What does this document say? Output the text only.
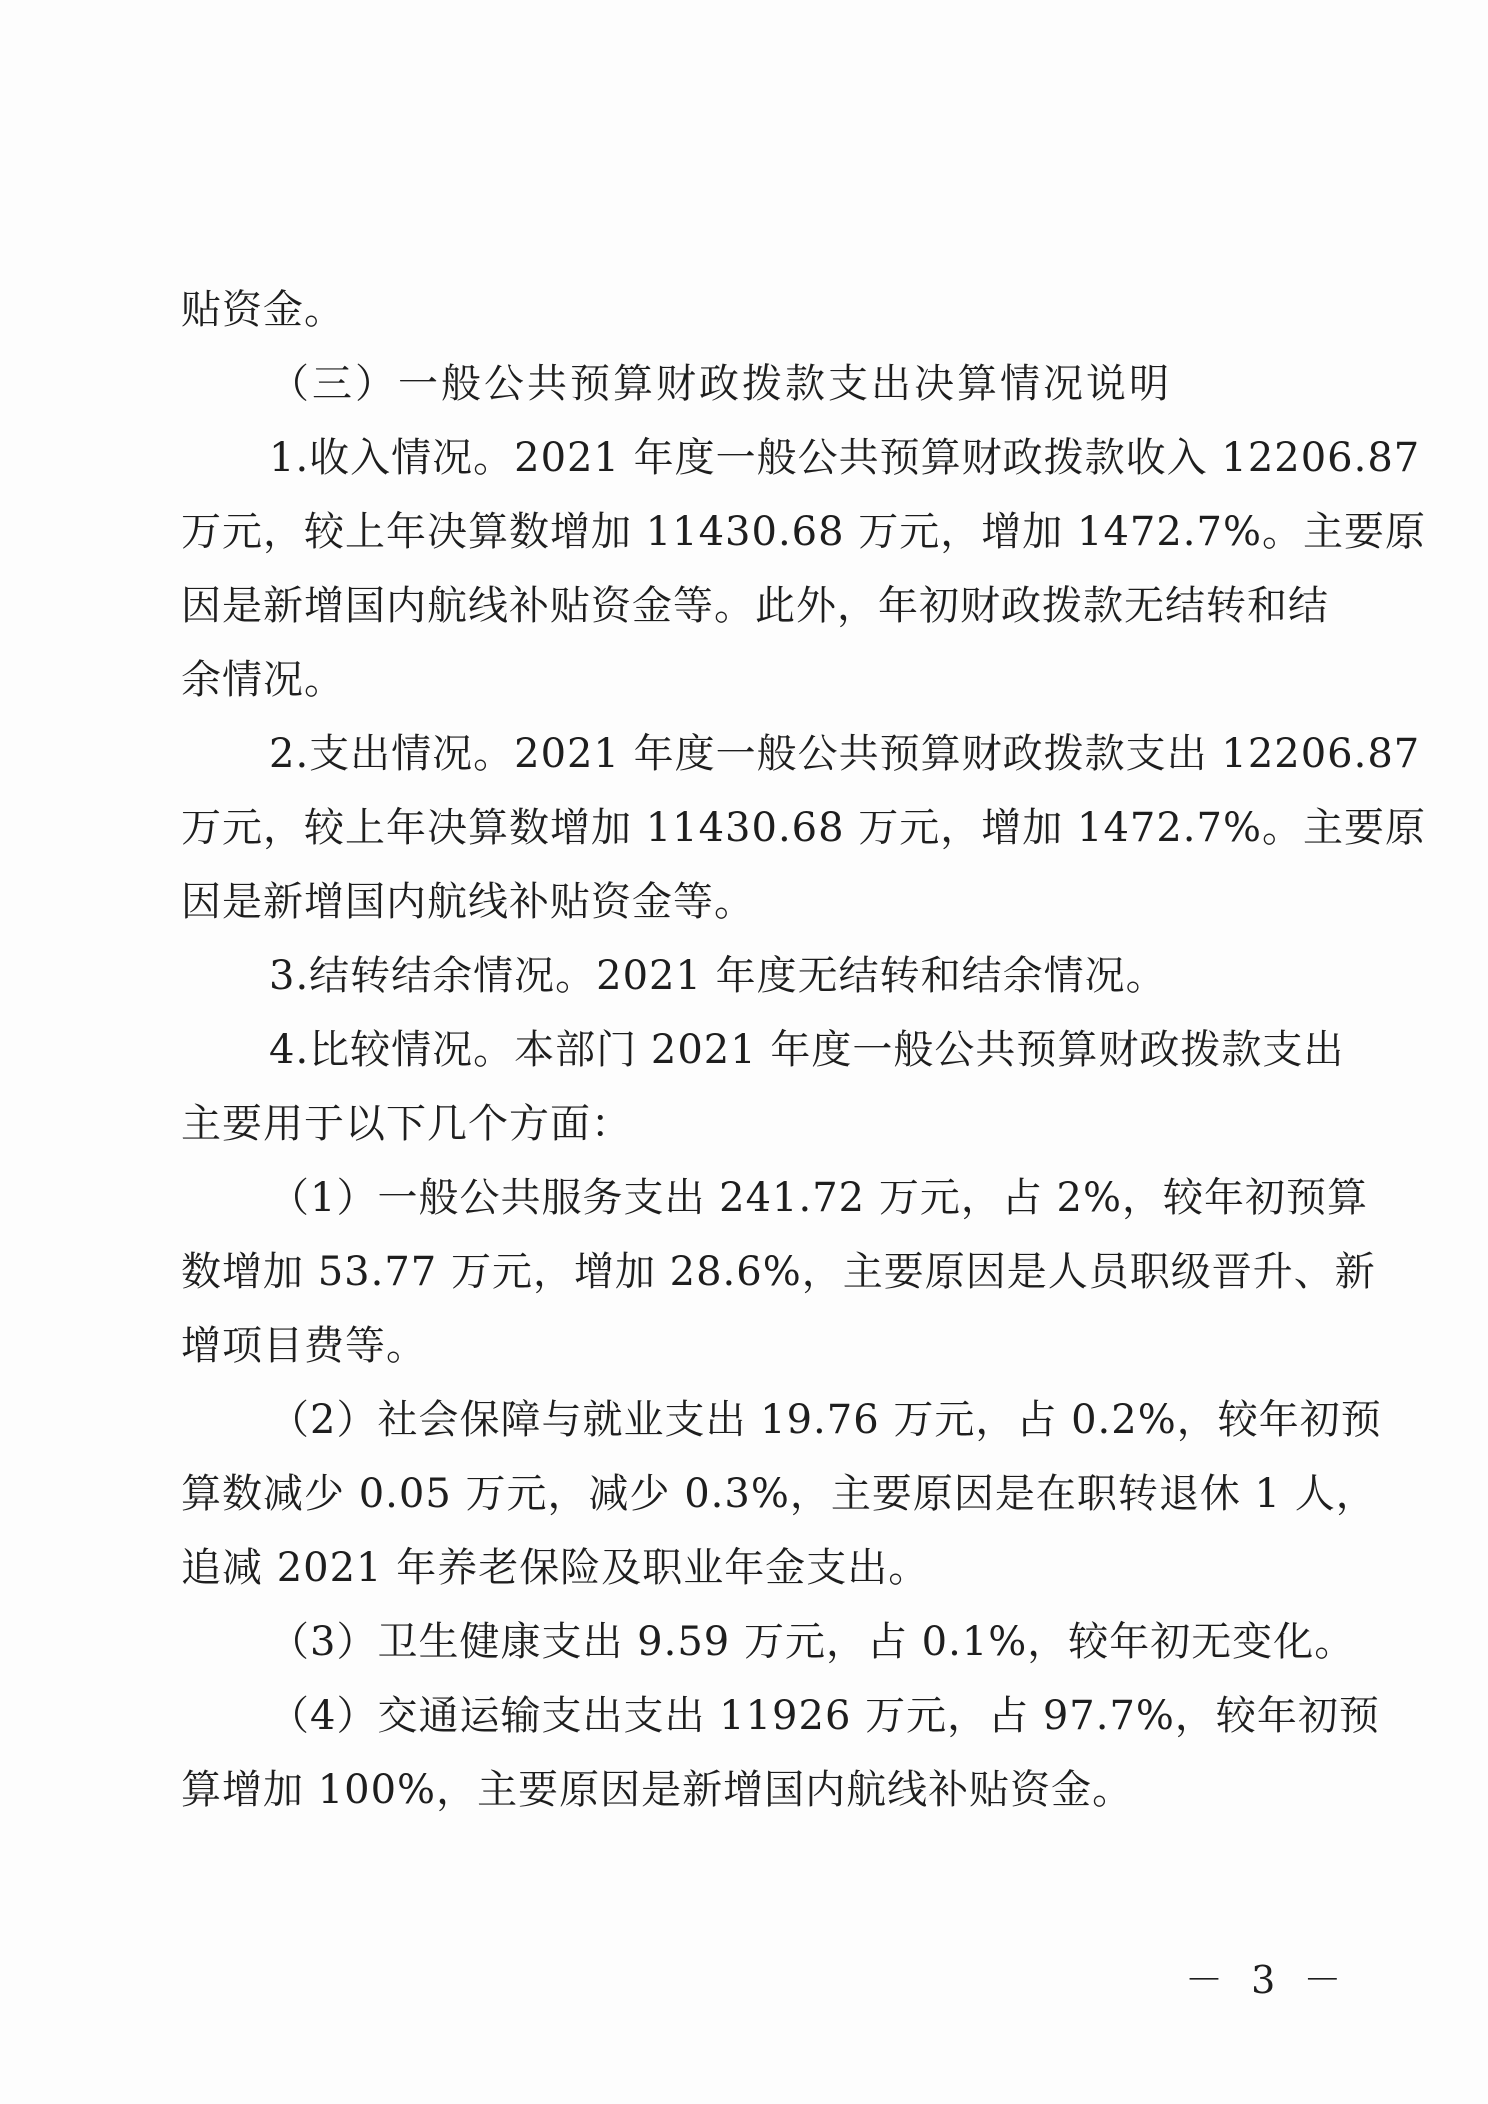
贴资金。
（三）一般公共预算财政拨款支出决算情况说明
1.收入情况。2021 年度一般公共预算财政拨款收入 12206.87
万元，较上年决算数增加 11430.68 万元，增加 1472.7%。主要原
因是新增国内航线补贴资金等。此外，年初财政拨款无结转和结
余情况。
2.支出情况。2021 年度一般公共预算财政拨款支出 12206.87
万元，较上年决算数增加 11430.68 万元，增加 1472.7%。主要原
因是新增国内航线补贴资金等。
3.结转结余情况。2021 年度无结转和结余情况。
4.比较情况。本部门 2021 年度一般公共预算财政拨款支出
主要用于以下几个方面：
（1）一般公共服务支出 241.72 万元，占 2%，较年初预算
数增加 53.77 万元，增加 28.6%，主要原因是人员职级晋升、新
增项目费等。
（2）社会保障与就业支出 19.76 万元，占 0.2%，较年初预
算数减少 0.05 万元，减少 0.3%，主要原因是在职转退休 1 人，
追减 2021 年养老保险及职业年金支出。
（3）卫生健康支出 9.59 万元，占 0.1%，较年初无变化。
（4）交通运输支出支出 11926 万元，占 97.7%，较年初预
算增加 100%，主要原因是新增国内航线补贴资金。
－ 3 －
